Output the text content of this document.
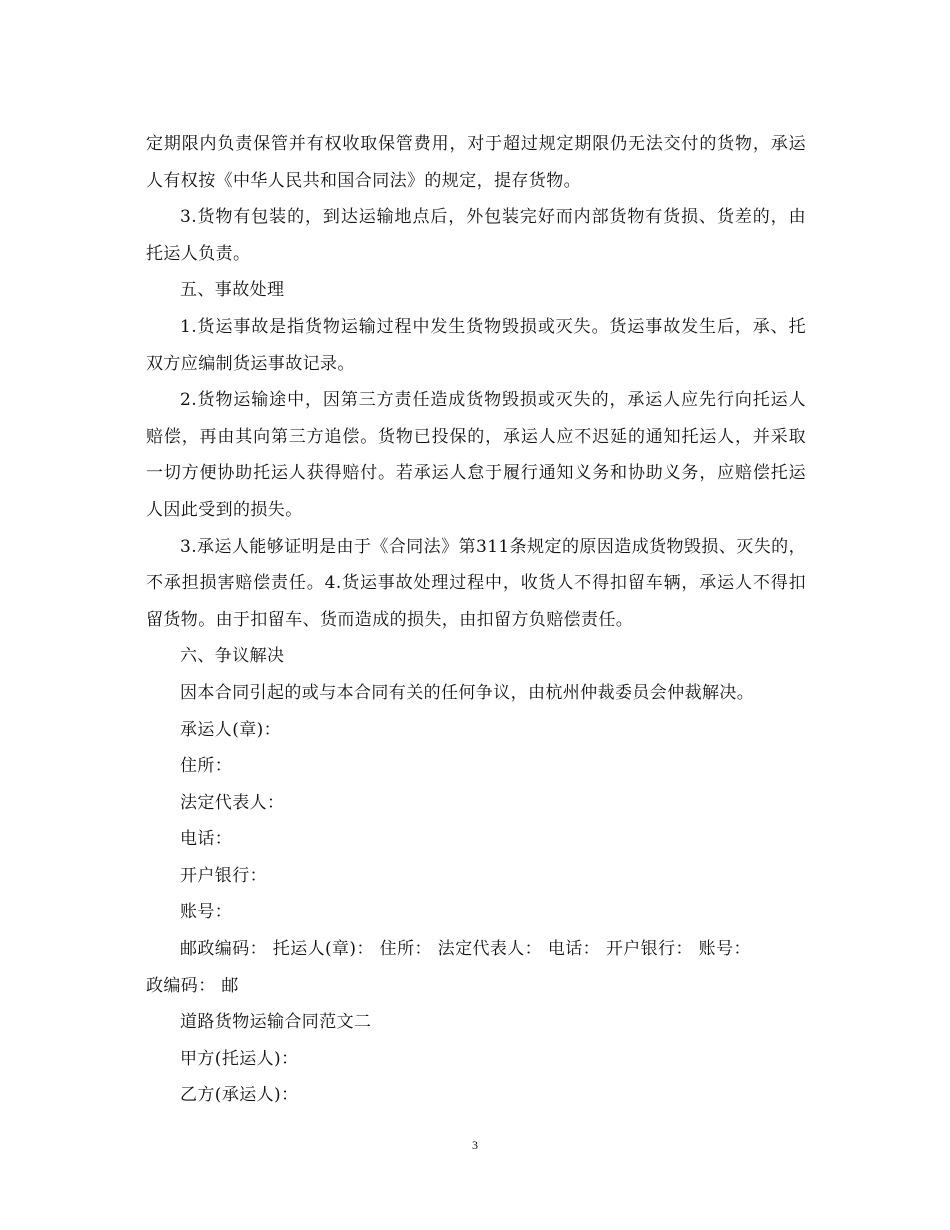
定期限内负责保管并有权收取保管费用，对于超过规定期限仍无法交付的货物，承运人有权按《中华人民共和国合同法》的规定，提存货物。

3.货物有包装的，到达运输地点后，外包装完好而内部货物有货损、货差的，由托运人负责。

五、事故处理

1.货运事故是指货物运输过程中发生货物毁损或灭失。货运事故发生后，承、托双方应编制货运事故记录。

2.货物运输途中，因第三方责任造成货物毁损或灭失的，承运人应先行向托运人赔偿，再由其向第三方追偿。货物已投保的，承运人应不迟延的通知托运人，并采取一切方便协助托运人获得赔付。若承运人怠于履行通知义务和协助义务，应赔偿托运人因此受到的损失。

3.承运人能够证明是由于《合同法》第311条规定的原因造成货物毁损、灭失的，不承担损害赔偿责任。4.货运事故处理过程中，收货人不得扣留车辆，承运人不得扣留货物。由于扣留车、货而造成的损失，由扣留方负赔偿责任。

六、争议解决

因本合同引起的或与本合同有关的任何争议，由杭州仲裁委员会仲裁解决。

承运人(章)：

住所：

法定代表人：

电话：

开户银行：

账号：

邮政编码： 托运人(章)： 住所： 法定代表人： 电话： 开户银行： 账号：

政编码： 邮

道路货物运输合同范文二

甲方(托运人)：

乙方(承运人)：

3
